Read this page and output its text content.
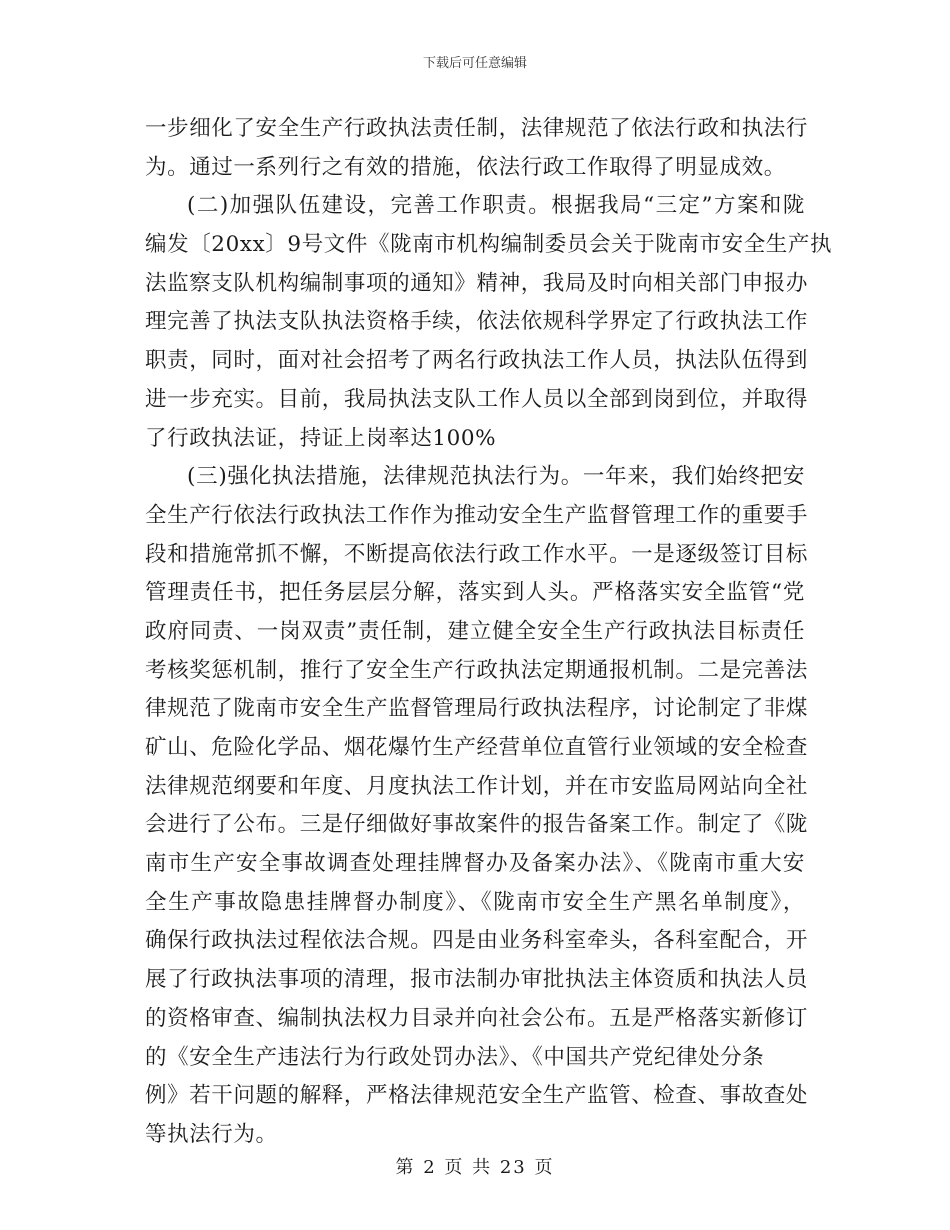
下载后可任意编辑
一步细化了安全生产行政执法责任制，法律规范了依法行政和执法行
为。通过一系列行之有效的措施，依法行政工作取得了明显成效。
(二)加强队伍建设，完善工作职责。根据我局“三定”方案和陇
编发〔20xx〕9号文件《陇南市机构编制委员会关于陇南市安全生产执
法监察支队机构编制事项的通知》精神，我局及时向相关部门申报办
理完善了执法支队执法资格手续，依法依规科学界定了行政执法工作
职责，同时，面对社会招考了两名行政执法工作人员，执法队伍得到
进一步充实。目前，我局执法支队工作人员以全部到岗到位，并取得
了行政执法证，持证上岗率达100%
(三)强化执法措施，法律规范执法行为。一年来，我们始终把安
全生产行依法行政执法工作作为推动安全生产监督管理工作的重要手
段和措施常抓不懈，不断提高依法行政工作水平。一是逐级签订目标
管理责任书，把任务层层分解，落实到人头。严格落实安全监管“党
政府同责、一岗双责”责任制，建立健全安全生产行政执法目标责任
考核奖惩机制，推行了安全生产行政执法定期通报机制。二是完善法
律规范了陇南市安全生产监督管理局行政执法程序，讨论制定了非煤
矿山、危险化学品、烟花爆竹生产经营单位直管行业领域的安全检查
法律规范纲要和年度、月度执法工作计划，并在市安监局网站向全社
会进行了公布。三是仔细做好事故案件的报告备案工作。制定了《陇
南市生产安全事故调查处理挂牌督办及备案办法》、《陇南市重大安
全生产事故隐患挂牌督办制度》、《陇南市安全生产黑名单制度》，
确保行政执法过程依法合规。四是由业务科室牵头，各科室配合，开
展了行政执法事项的清理，报市法制办审批执法主体资质和执法人员
的资格审查、编制执法权力目录并向社会公布。五是严格落实新修订
的《安全生产违法行为行政处罚办法》、《中国共产党纪律处分条
例》若干问题的解释，严格法律规范安全生产监管、检查、事故查处
等执法行为。
第 2 页 共 23 页
